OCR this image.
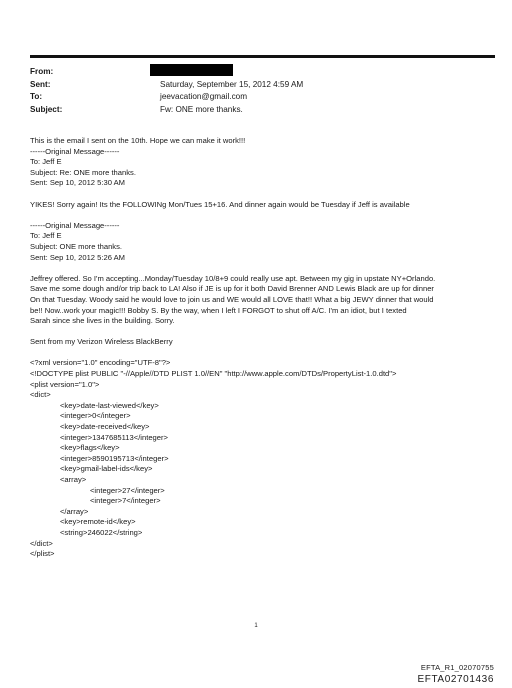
From:
Sent:
To:
Subject:
Saturday, September 15, 2012 4:59 AM
jeevacation@gmail.com
Fw: ONE more thanks.

This is the email I sent on the 10th. Hope we can make it work!!!

------Original Message------

To: Jeff E

Subject: Re: ONE more thanks.

Sent: Sep 10, 2012 5:30 AM

YIKES! Sorry again! Its the FOLLOWINg Mon/Tues 15+16. And dinner again would be Tuesday if Jeff is available

------Original Message------

To: Jeff E

Subject: ONE more thanks.

Sent: Sep 10, 2012 5:26 AM

Jeffrey offered. So I'm accepting...Monday/Tuesday 10/8+9 could really use apt. Between my gig in upstate NY+Orlando.

Save me some dough and/or trip back to LA! Also if JE is up for it both David Brenner AND Lewis Black are up for dinner

On that Tuesday. Woody said he would love to join us and WE would all LOVE that!! What a big JEWY dinner that would

be!! Now..work your magic!!! Bobby S. By the way, when I left I FORGOT to shut off A/C. I'm an idiot, but I texted

Sarah since she lives in the building. Sorry.

Sent from my Verizon Wireless BlackBerry

<?xml version="1.0" encoding="UTF-8"?>

<!DOCTYPE plist PUBLIC "-//Apple//DTD PLIST 1.0//EN" "http://www.apple.com/DTDs/PropertyList-1.0.dtd">

<plist version="1.0">

<dict>

<key>date-last-viewed</key>

<integer>0</integer>

<key>date-received</key>

<integer>1347685113</integer>

<key>flags</key>

<integer>8590195713</integer>

<key>gmail-label-ids</key>

<array>

<integer>27</integer>

<integer>7</integer>

</array>

<key>remote-id</key>

<string>246022</string>

</dict>

</plist>

1
EFTA_R1_02070755
EFTA02701436
